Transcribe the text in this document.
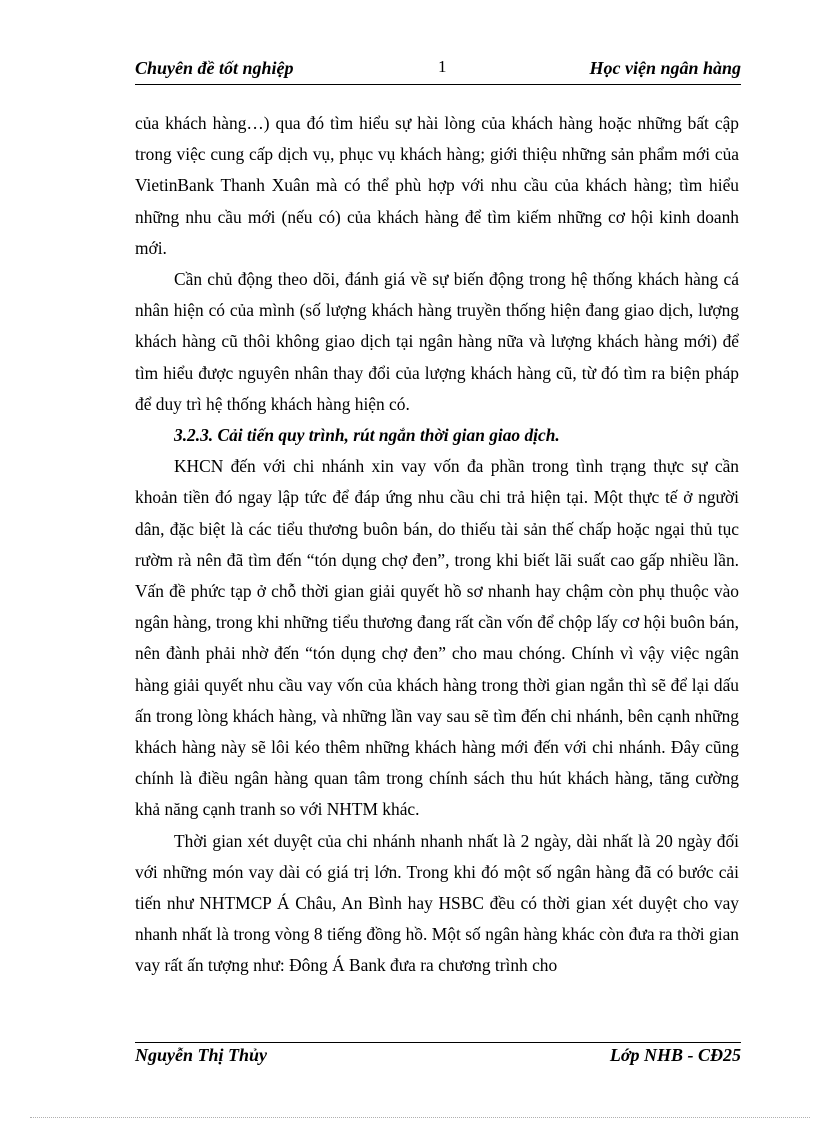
Chuyên đề tốt nghiệp	1	Học viện ngân hàng

của khách hàng…) qua đó tìm hiểu sự hài lòng của khách hàng hoặc những bất cập trong việc cung cấp dịch vụ, phục vụ khách hàng; giới thiệu những sản phẩm mới của VietinBank Thanh Xuân mà có thể phù hợp với nhu cầu của khách hàng; tìm hiểu những nhu cầu mới (nếu có) của khách hàng để tìm kiếm những cơ hội kinh doanh mới.

Cần chủ động theo dõi, đánh giá về sự biến động trong hệ thống khách hàng cá nhân hiện có của mình (số lượng khách hàng truyền thống hiện đang giao dịch, lượng khách hàng cũ thôi không giao dịch tại ngân hàng nữa và lượng khách hàng mới) để tìm hiểu được nguyên nhân thay đổi của lượng khách hàng cũ, từ đó tìm ra biện pháp để duy trì hệ thống khách hàng hiện có.

3.2.3. Cải tiến quy trình, rút ngắn thời gian giao dịch.

KHCN đến với chi nhánh xin vay vốn đa phần trong tình trạng thực sự cần khoản tiền đó ngay lập tức để đáp ứng nhu cầu chi trả hiện tại. Một thực tế ở người dân, đặc biệt là các tiểu thương buôn bán, do thiếu tài sản thế chấp hoặc ngại thủ tục rườm rà nên đã tìm đến “tón dụng chợ đen”, trong khi biết lãi suất cao gấp nhiều lần. Vấn đề phức tạp ở chỗ thời gian giải quyết hồ sơ nhanh hay chậm còn phụ thuộc vào ngân hàng, trong khi những tiểu thương đang rất cần vốn để chộp lấy cơ hội buôn bán, nên đành phải nhờ đến “tón dụng chợ đen” cho mau chóng. Chính vì vậy việc ngân hàng giải quyết nhu cầu vay vốn của khách hàng trong thời gian ngắn thì sẽ để lại dấu ấn trong lòng khách hàng, và những lần vay sau sẽ tìm đến chi nhánh, bên cạnh những khách hàng này sẽ lôi kéo thêm những khách hàng mới đến với chi nhánh. Đây cũng chính là điều ngân hàng quan tâm trong chính sách thu hút khách hàng, tăng cường khả năng cạnh tranh so với NHTM khác.

Thời gian xét duyệt của chi nhánh nhanh nhất là 2 ngày, dài nhất là 20 ngày đối với những món vay dài có giá trị lớn. Trong khi đó một số ngân hàng đã có bước cải tiến như NHTMCP Á Châu, An Bình hay HSBC đều có thời gian xét duyệt cho vay nhanh nhất là trong vòng 8 tiếng đồng hồ. Một số ngân hàng khác còn đưa ra thời gian vay rất ấn tượng như: Đông Á Bank đưa ra chương trình cho

Nguyễn Thị Thủy	Lớp NHB - CĐ25
